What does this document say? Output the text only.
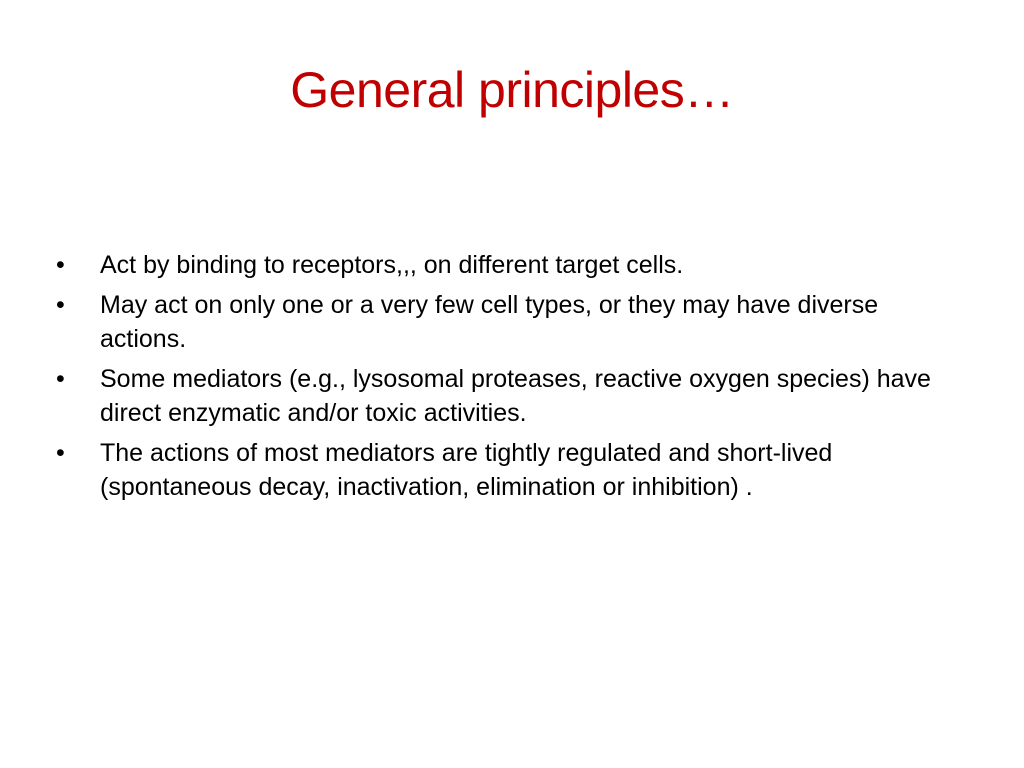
General principles…
•	Act by binding to receptors,,, on different target cells.
•	May act on only one or a very few cell types, or they may have diverse actions.
•	Some mediators (e.g., lysosomal proteases, reactive oxygen species) have direct enzymatic and/or toxic activities.
•	The actions of most mediators are tightly regulated and short-lived (spontaneous decay, inactivation, elimination or inhibition) .
